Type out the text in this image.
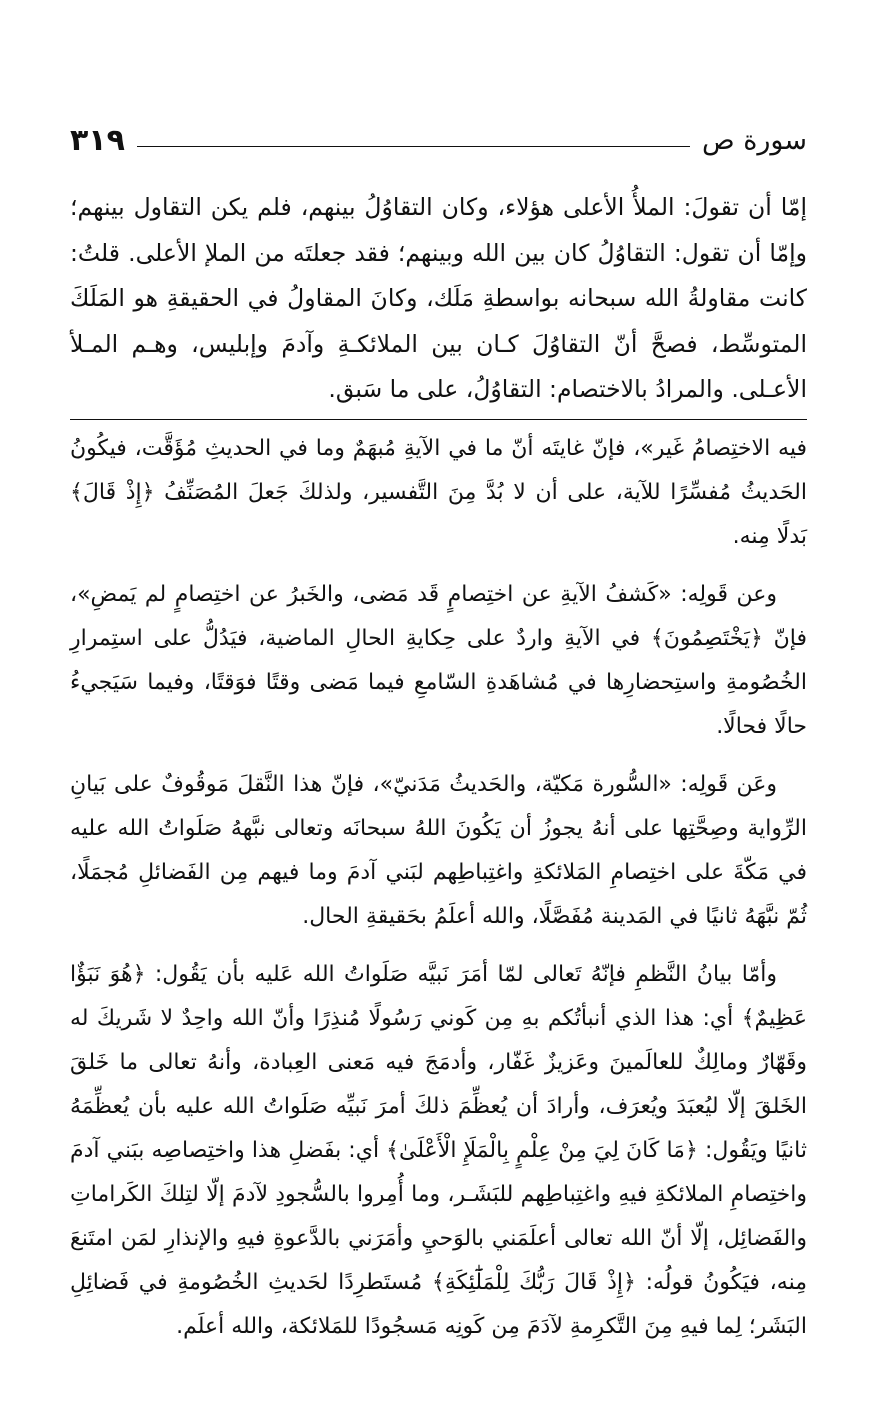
سورة ص
٣١٩

إمّا أن تقولَ: الملأُ الأعلى هؤلاء، وكان التقاوُلُ بينهم، فلم يكن التقاول بينهم؛ وإمّا أن تقول: التقاوُلُ كان بين الله وبينهم؛ فقد جعلتَه من الملإ الأعلى. قلتُ: كانت مقاولةُ الله سبحانه بواسطةِ مَلَك، وكانَ المقاولُ في الحقيقةِ هو المَلَكَ المتوسِّط، فصحَّ أنّ التقاوُلَ كـان بين الملائكـةِ وآدمَ وإبليس، وهـم المـلأ الأعـلى. والمرادُ بالاختصام: التقاوُلُ، على ما سَبق.

فيه الاختِصامُ غَير»، فإنّ غايتَه أنّ ما في الآيةِ مُبهَمٌ وما في الحديثِ مُؤَقَّت، فيكُونُ الحَديثُ مُفسِّرًا للآية، على أن لا بُدَّ مِنَ التَّفسير، ولذلكَ جَعلَ المُصَنِّفُ ﴿إِذْ قَالَ﴾ بَدلًا مِنه.

وعن قَولِه: «كَشفُ الآيةِ عن اختِصامٍ قَد مَضى، والخَبرُ عن اختِصامٍ لم يَمضِ»، فإنّ ﴿يَخْتَصِمُونَ﴾ في الآيةِ واردٌ على حِكايةِ الحالِ الماضية، فيَدُلُّ على استِمرارِ الخُصُومةِ واستِحضارِها في مُشاهَدةِ السّامعِ فيما مَضى وقتًا فوَقتًا، وفيما سَيَجيءُ حالًا فحالًا.

وعَن قَولِه: «السُّورة مَكيّة، والحَديثُ مَدَنيّ»، فإنّ هذا النَّقلَ مَوقُوفٌ على بَيانِ الرِّواية وصِحَّتِها على أنهُ يجوزُ أن يَكُونَ اللهُ سبحانَه وتعالى نبَّههُ صَلَواتُ الله عليه في مَكّةَ على اختِصامِ المَلائكةِ واغتِباطِهم لبَني آدمَ وما فيهم مِن الفَضائلِ مُجمَلًا، ثُمّ نبَّهَهُ ثانيًا في المَدينة مُفَصَّلًا، والله أعلَمُ بحَقيقةِ الحال.

وأمّا بيانُ النَّظمِ فإنّهُ تَعالى لمّا أمَرَ نَبيَّه صَلَواتُ الله عَليه بأن يَقُول: ﴿هُوَ نَبَؤٌا عَظِيمٌ﴾ أي: هذا الذي أنبأتُكم بهِ مِن كَوني رَسُولًا مُنذِرًا وأنّ الله واحِدٌ لا شَريكَ له وقَهّارٌ ومالِكٌ للعالَمينَ وعَزيزٌ غَفّار، وأدمَجَ فيه مَعنى العِبادة، وأنهُ تعالى ما خَلقَ الخَلقَ إلّا ليُعبَدَ ويُعرَف، وأرادَ أن يُعظِّمَ ذلكَ أمرَ نَبيِّه صَلَواتُ الله عليه بأن يُعظِّمَهُ ثانيًا ويَقُول: ﴿مَا كَانَ لِيَ مِنْ عِلْمٍ بِالْمَلَإِ الْأَعْلَىٰ﴾ أي: بفَضلِ هذا واختِصاصِه ببَني آدمَ واختِصامِ الملائكةِ فيهِ واغتِباطِهم للبَشَـر، وما أُمِروا بالسُّجودِ لآدمَ إلّا لتِلكَ الكَراماتِ والفَضائِل، إلّا أنّ الله تعالى أعلَمَني بالوَحيِ وأمَرَني بالدَّعوةِ فيهِ والإنذارِ لمَن امتَنعَ مِنه، فيَكُونُ قولُه: ﴿إِذْ قَالَ رَبُّكَ لِلْمَلَٰٓئِكَةِ﴾ مُستَطرِدًا لحَديثِ الخُصُومةِ في فَضائِلِ البَشَر؛ لِما فيهِ مِنَ التَّكرِمةِ لآدَمَ مِن كَونِه مَسجُودًا للمَلائكة، والله أعلَم.
